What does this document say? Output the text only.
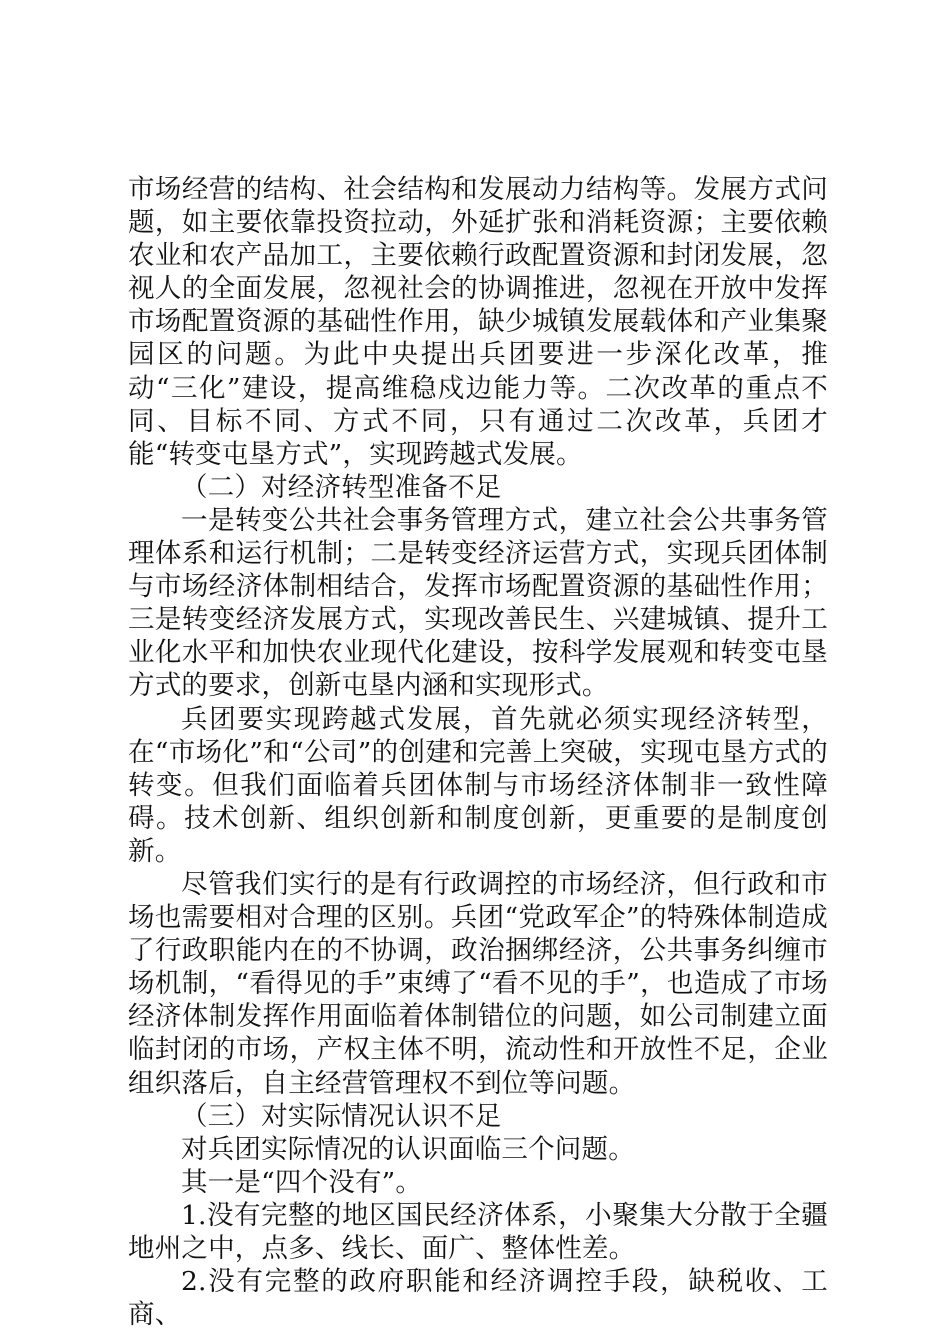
市场经营的结构、社会结构和发展动力结构等。发展方式问题，如主要依靠投资拉动，外延扩张和消耗资源；主要依赖农业和农产品加工，主要依赖行政配置资源和封闭发展，忽视人的全面发展，忽视社会的协调推进，忽视在开放中发挥市场配置资源的基础性作用，缺少城镇发展载体和产业集聚园区的问题。为此中央提出兵团要进一步深化改革，推动“三化”建设，提高维稳戍边能力等。二次改革的重点不同、目标不同、方式不同，只有通过二次改革，兵团才能“转变屯垦方式”，实现跨越式发展。

（二）对经济转型准备不足

一是转变公共社会事务管理方式，建立社会公共事务管理体系和运行机制；二是转变经济运营方式，实现兵团体制与市场经济体制相结合，发挥市场配置资源的基础性作用；三是转变经济发展方式，实现改善民生、兴建城镇、提升工业化水平和加快农业现代化建设，按科学发展观和转变屯垦方式的要求，创新屯垦内涵和实现形式。

兵团要实现跨越式发展，首先就必须实现经济转型，在“市场化”和“公司”的创建和完善上突破，实现屯垦方式的转变。但我们面临着兵团体制与市场经济体制非一致性障碍。技术创新、组织创新和制度创新，更重要的是制度创新。

尽管我们实行的是有行政调控的市场经济，但行政和市场也需要相对合理的区别。兵团“党政军企”的特殊体制造成了行政职能内在的不协调，政治捆绑经济，公共事务纠缠市场机制，“看得见的手”束缚了“看不见的手”，也造成了市场经济体制发挥作用面临着体制错位的问题，如公司制建立面临封闭的市场，产权主体不明，流动性和开放性不足，企业组织落后，自主经营管理权不到位等问题。

（三）对实际情况认识不足

对兵团实际情况的认识面临三个问题。

其一是“四个没有”。

1.没有完整的地区国民经济体系，小聚集大分散于全疆地州之中，点多、线长、面广、整体性差。

2.没有完整的政府职能和经济调控手段，缺税收、工商、
